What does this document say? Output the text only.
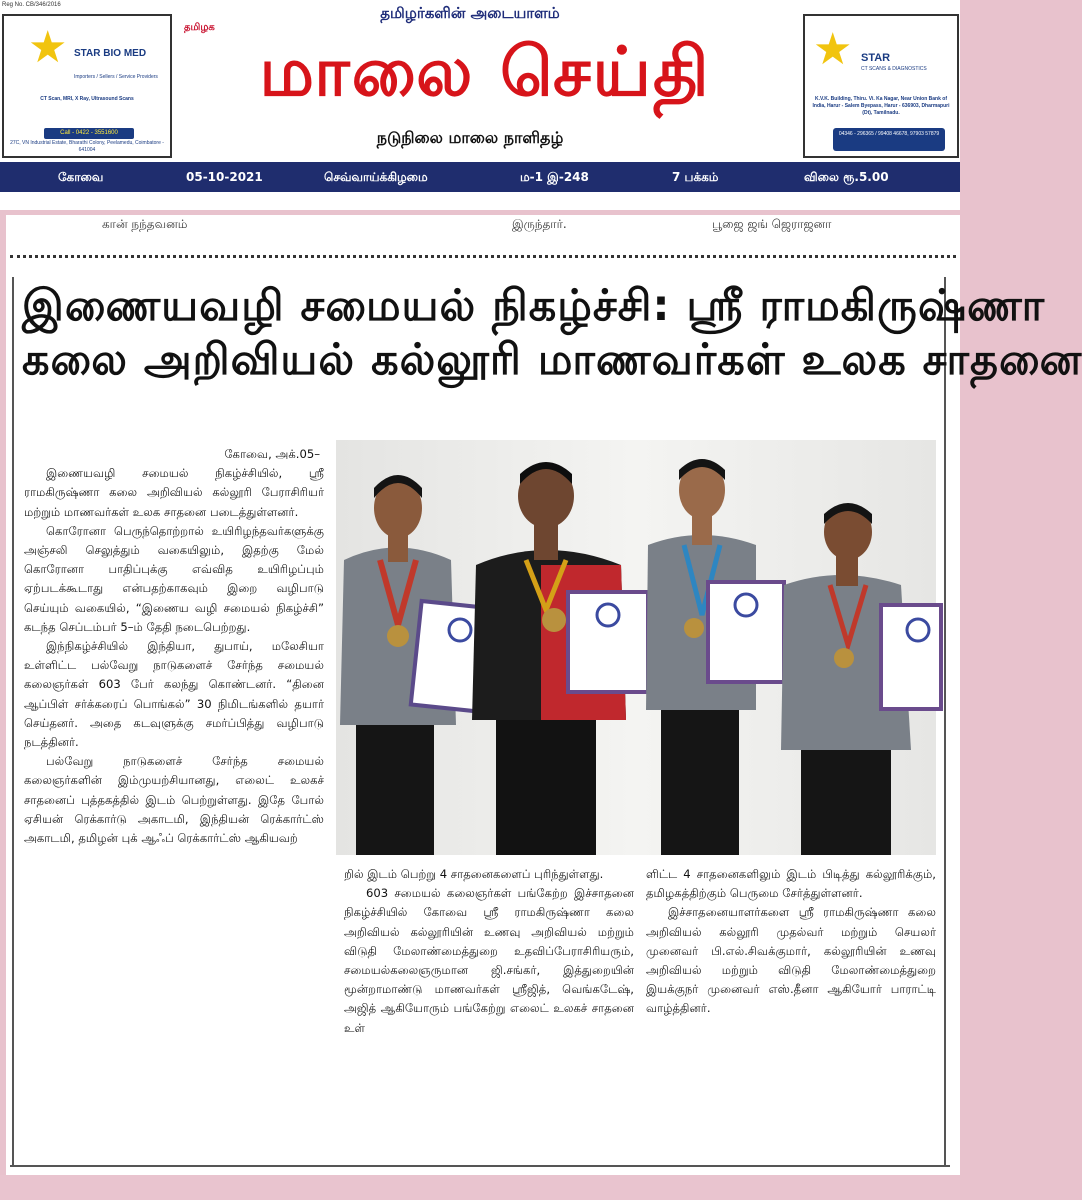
Reg No. CB/346/2016
★ STAR BIO MED
Importers / Sellers / Service Providers
CT Scan, MRI, X Ray, Ultrasound Scans
Call - 0422 - 3551600
27C, VN Industrial Estate, Bharathi Colony, Peelamedu, Coimbatore - 641004
தமிழர்களின் அடையாளம்
தமிழக
மாலை செய்தி
நடுநிலை மாலை நாளிதழ்
★ STAR
CT SCANS & DIAGNOSTICS
K.V.K. Building, Thiru. Vi. Ka Nagar, Near Union Bank of India, Harur - Salem Byepass, Harur - 636903, Dharmapuri (Dt), Tamilnadu.
04346 - 296365 / 99408 46678, 97903 57879
கோவை	05-10-2021	செவ்வாய்க்கிழமை	ம-1 இ-248	7 பக்கம்	விலை ரூ.5.00
கான் நந்தவனம்	இருந்தார்.	பூஜை ஜங் ஜெராஜனா
இணையவழி சமையல் நிகழ்ச்சி: ஸ்ரீ ராமகிருஷ்ணா
கலை அறிவியல் கல்லூரி மாணவர்கள் உலக சாதனை
கோவை, அக்.05–

இணையவழி சமையல் நிகழ்ச்சியில், ஸ்ரீ ராமகிருஷ்ணா கலை அறிவியல் கல்லூரி பேராசிரியர் மற்றும் மாணவர்கள் உலக சாதனை படைத்துள்ளனர்.

கொரோனா பெருந்தொற்றால் உயிரிழந்தவர்களுக்கு அஞ்சலி செலுத்தும் வகையிலும், இதற்கு மேல் கொரோனா பாதிப்புக்கு எவ்வித உயிரிழப்பும் ஏற்படக்கூடாது என்பதற்காகவும் இறை வழிபாடு செய்யும் வகையில், “இணைய வழி சமையல் நிகழ்ச்சி” கடந்த செப்டம்பர் 5–ம் தேதி நடைபெற்றது.

இந்நிகழ்ச்சியில் இந்தியா, துபாய், மலேசியா உள்ளிட்ட பல்வேறு நாடுகளைச் சேர்ந்த சமையல் கலைஞர்கள் 603 பேர் கலந்து கொண்டனர். “தினை ஆப்பிள் சர்க்கரைப் பொங்கல்” 30 நிமிடங்களில் தயார் செய்தனர். அதை கடவுளுக்கு சமர்ப்பித்து வழிபாடு நடத்தினர்.

பல்வேறு நாடுகளைச் சேர்ந்த சமையல் கலைஞர்களின் இம்முயற்சியானது, எலைட் உலகச் சாதனைப் புத்தகத்தில் இடம் பெற்றுள்ளது. இதே போல் ஏசியன் ரெக்கார்டு அகாடமி, இந்தியன் ரெக்கார்ட்ஸ் அகாடமி, தமிழன் புக் ஆஃப் ரெக்கார்ட்ஸ் ஆகியவற்

றில் இடம் பெற்று 4 சாதனைகளைப் புரிந்துள்ளது.

603 சமையல் கலைஞர்கள் பங்கேற்ற இச்சாதனை நிகழ்ச்சியில் கோவை ஸ்ரீ ராமகிருஷ்ணா கலை அறிவியல் கல்லூரியின் உணவு அறிவியல் மற்றும் விடுதி மேலாண்மைத்துறை உதவிப்பேராசிரியரும், சமையல்கலைஞருமான ஜி.சங்கர், இத்துறையின் மூன்றாமாண்டு மாணவர்கள் ஸ்ரீஜித், வெங்கடேஷ், அஜித் ஆகியோரும் பங்கேற்று எலைட் உலகச் சாதனை உள்

ளிட்ட 4 சாதனைகளிலும் இடம் பிடித்து கல்லூரிக்கும், தமிழகத்திற்கும் பெருமை சேர்த்துள்ளனர்.

இச்சாதனையாளர்களை ஸ்ரீ ராமகிருஷ்ணா கலை அறிவியல் கல்லூரி முதல்வர் மற்றும் செயலர் முனைவர் பி.எல்.சிவக்குமார், கல்லூரியின் உணவு அறிவியல் மற்றும் விடுதி மேலாண்மைத்துறை இயக்குநர் முனைவர் எஸ்.தீனா ஆகியோர் பாராட்டி வாழ்த்தினர்.
